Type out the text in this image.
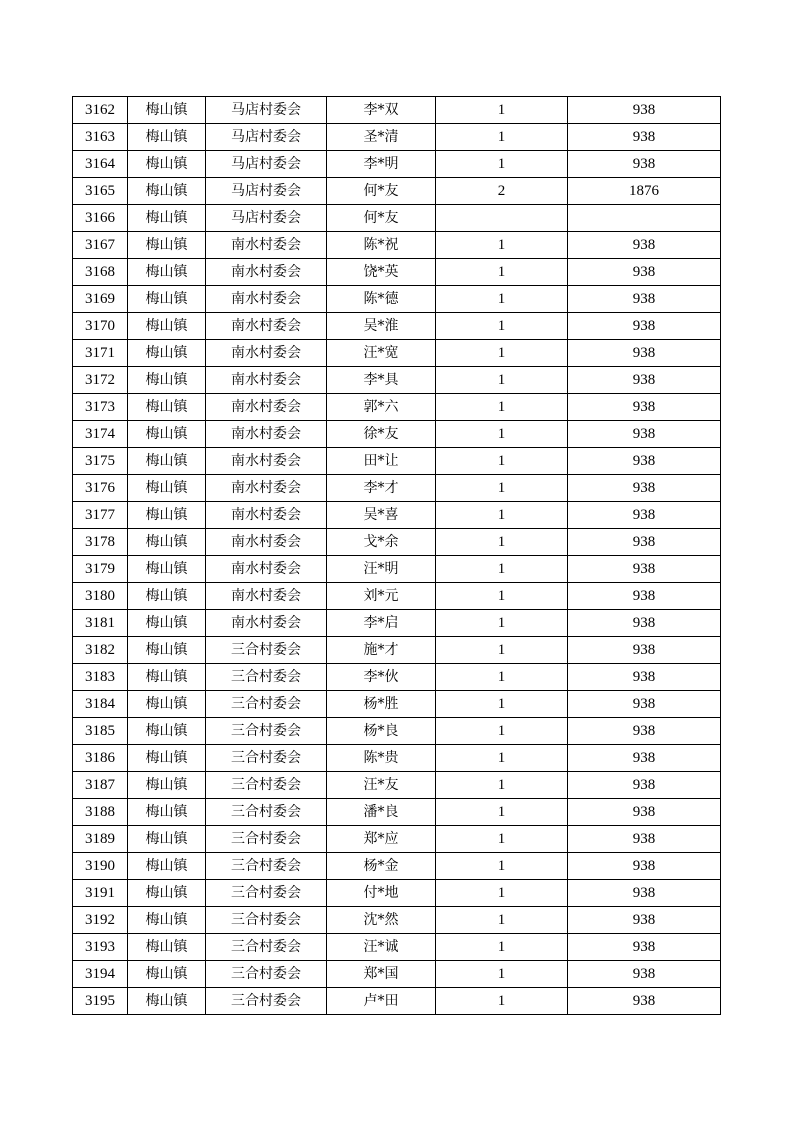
3162	梅山镇	马店村委会	李*双	1	938
3163	梅山镇	马店村委会	圣*清	1	938
3164	梅山镇	马店村委会	李*明	1	938
3165	梅山镇	马店村委会	何*友	2	1876
3166	梅山镇	马店村委会	何*友		
3167	梅山镇	南水村委会	陈*祝	1	938
3168	梅山镇	南水村委会	饶*英	1	938
3169	梅山镇	南水村委会	陈*德	1	938
3170	梅山镇	南水村委会	吴*淮	1	938
3171	梅山镇	南水村委会	汪*宽	1	938
3172	梅山镇	南水村委会	李*具	1	938
3173	梅山镇	南水村委会	郭*六	1	938
3174	梅山镇	南水村委会	徐*友	1	938
3175	梅山镇	南水村委会	田*让	1	938
3176	梅山镇	南水村委会	李*才	1	938
3177	梅山镇	南水村委会	吴*喜	1	938
3178	梅山镇	南水村委会	戈*余	1	938
3179	梅山镇	南水村委会	汪*明	1	938
3180	梅山镇	南水村委会	刘*元	1	938
3181	梅山镇	南水村委会	李*启	1	938
3182	梅山镇	三合村委会	施*才	1	938
3183	梅山镇	三合村委会	李*伙	1	938
3184	梅山镇	三合村委会	杨*胜	1	938
3185	梅山镇	三合村委会	杨*良	1	938
3186	梅山镇	三合村委会	陈*贵	1	938
3187	梅山镇	三合村委会	汪*友	1	938
3188	梅山镇	三合村委会	潘*良	1	938
3189	梅山镇	三合村委会	郑*应	1	938
3190	梅山镇	三合村委会	杨*金	1	938
3191	梅山镇	三合村委会	付*地	1	938
3192	梅山镇	三合村委会	沈*然	1	938
3193	梅山镇	三合村委会	汪*诚	1	938
3194	梅山镇	三合村委会	郑*国	1	938
3195	梅山镇	三合村委会	卢*田	1	938
